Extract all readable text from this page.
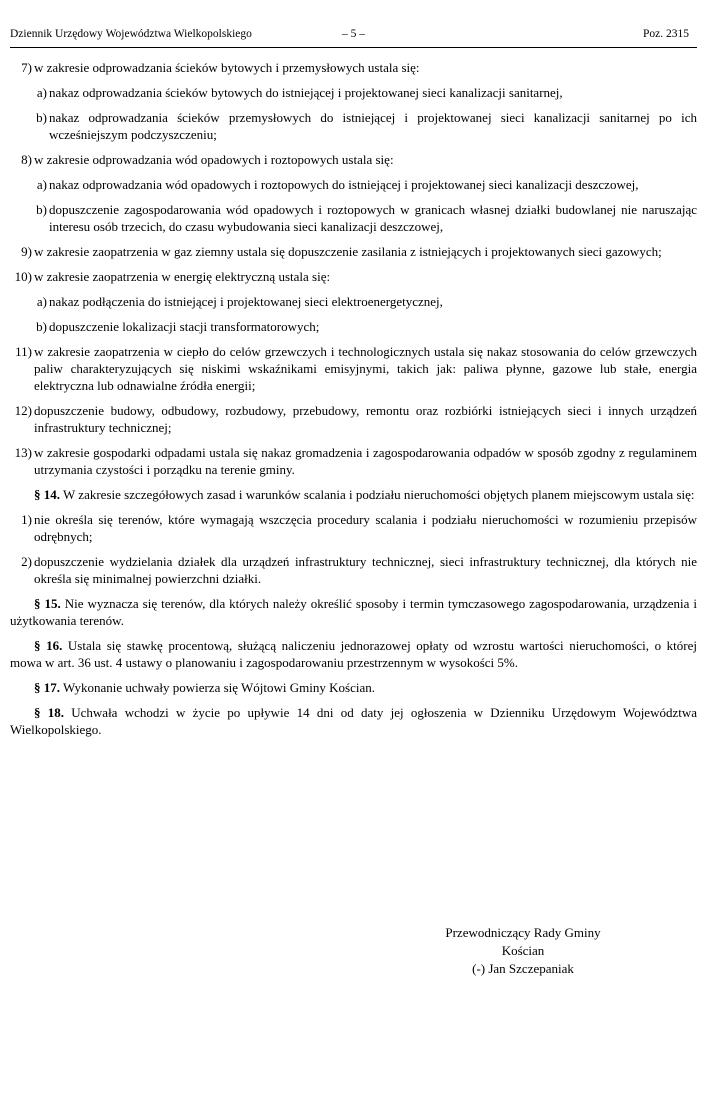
Dziennik Urzędowy Województwa Wielkopolskiego	– 5 –	Poz. 2315
7) w zakresie odprowadzania ścieków bytowych i przemysłowych ustala się:

a) nakaz odprowadzania ścieków bytowych do istniejącej i projektowanej sieci kanalizacji sanitarnej,

b) nakaz odprowadzania ścieków przemysłowych do istniejącej i projektowanej sieci kanalizacji sanitarnej po ich wcześniejszym podczyszczeniu;

8) w zakresie odprowadzania wód opadowych i roztopowych ustala się:

a) nakaz odprowadzania wód opadowych i roztopowych do istniejącej i projektowanej sieci kanalizacji deszczowej,

b) dopuszczenie zagospodarowania wód opadowych i roztopowych w granicach własnej działki budowlanej nie naruszając interesu osób trzecich, do czasu wybudowania sieci kanalizacji deszczowej,

9) w zakresie zaopatrzenia w gaz ziemny ustala się dopuszczenie zasilania z istniejących i projektowanych sieci gazowych;

10) w zakresie zaopatrzenia w energię elektryczną ustala się:

a) nakaz podłączenia do istniejącej i projektowanej sieci elektroenergetycznej,

b) dopuszczenie lokalizacji stacji transformatorowych;

11) w zakresie zaopatrzenia w ciepło do celów grzewczych i technologicznych ustala się nakaz stosowania do celów grzewczych paliw charakteryzujących się niskimi wskaźnikami emisyjnymi, takich jak: paliwa płynne, gazowe lub stałe, energia elektryczna lub odnawialne źródła energii;

12) dopuszczenie budowy, odbudowy, rozbudowy, przebudowy, remontu oraz rozbiórki istniejących sieci i innych urządzeń infrastruktury technicznej;

13) w zakresie gospodarki odpadami ustala się nakaz gromadzenia i zagospodarowania odpadów w sposób zgodny z regulaminem utrzymania czystości i porządku na terenie gminy.

§ 14. W zakresie szczegółowych zasad i warunków scalania i podziału nieruchomości objętych planem miejscowym ustala się:

1) nie określa się terenów, które wymagają wszczęcia procedury scalania i podziału nieruchomości w rozumieniu przepisów odrębnych;

2) dopuszczenie wydzielania działek dla urządzeń infrastruktury technicznej, sieci infrastruktury technicznej, dla których nie określa się minimalnej powierzchni działki.

§ 15. Nie wyznacza się terenów, dla których należy określić sposoby i termin tymczasowego zagospodarowania, urządzenia i użytkowania terenów.

§ 16. Ustala się stawkę procentową, służącą naliczeniu jednorazowej opłaty od wzrostu wartości nieruchomości, o której mowa w art. 36 ust. 4 ustawy o planowaniu i zagospodarowaniu przestrzennym w wysokości 5%.

§ 17. Wykonanie uchwały powierza się Wójtowi Gminy Kościan.

§ 18. Uchwała wchodzi w życie po upływie 14 dni od daty jej ogłoszenia w Dzienniku Urzędowym Województwa Wielkopolskiego.

Przewodniczący Rady Gminy
Kościan
(-) Jan Szczepaniak
